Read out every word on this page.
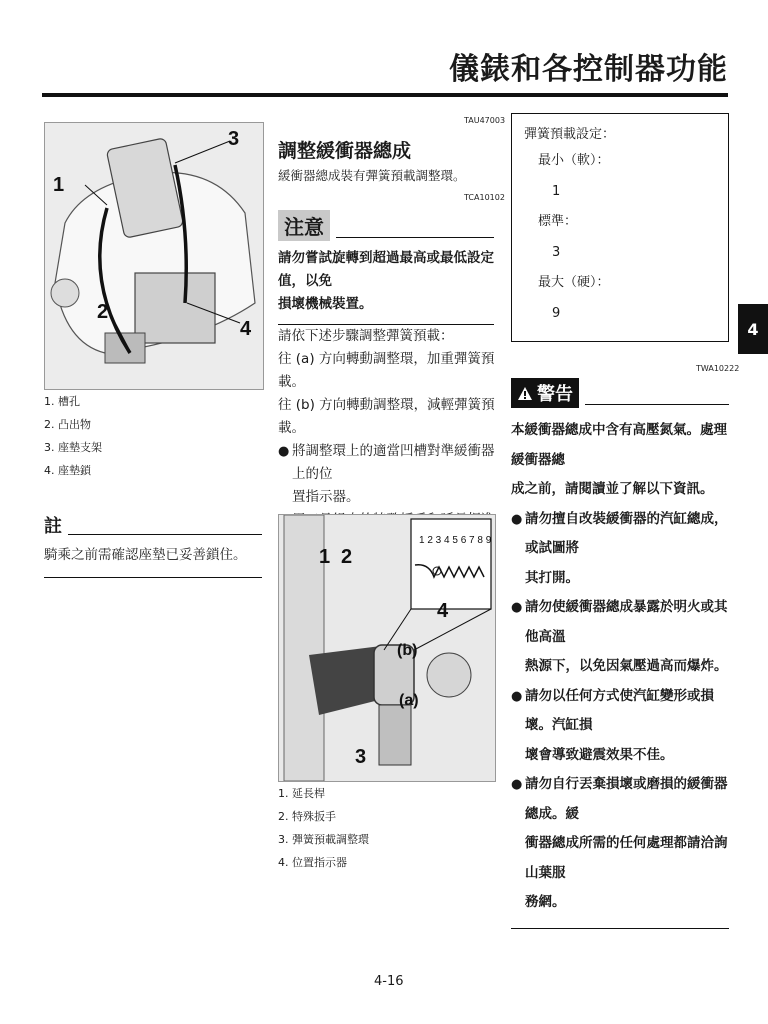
儀錶和各控制器功能
4
1
2
3
4
1. 槽孔
2. 凸出物
3. 座墊支架
4. 座墊鎖
註
騎乘之前需確認座墊已妥善鎖住。
TAU47003
調整緩衝器總成
緩衝器總成裝有彈簧預載調整環。
TCA10102
注意
請勿嘗試旋轉到超過最高或最低設定值，以免
損壞機械裝置。
請依下述步驟調整彈簧預載：
往 (a) 方向轉動調整環，加重彈簧預載。
往 (b) 方向轉動調整環，減輕彈簧預載。
● 將調整環上的適當凹槽對準緩衝器上的位
置指示器。
1 2 3 4 5 6 7 8 9
1 2
3
4
(a)
(b)
1. 延長桿
2. 特殊扳手
3. 彈簧預載調整環
4. 位置指示器
彈簧預載設定：
最小（軟）：
1
標準：
3
最大（硬）：
9
TWA10222
警告
本緩衝器總成中含有高壓氮氣。處理緩衝器總
成之前，請閱讀並了解以下資訊。
● 請勿擅自改裝緩衝器的汽缸總成，或試圖將
其打開。
● 請勿使緩衝器總成暴露於明火或其他高溫
熱源下，以免因氣壓過高而爆炸。
● 請勿以任何方式使汽缸變形或損壞。汽缸損
壞會導致避震效果不佳。
● 請勿自行丟棄損壞或磨損的緩衝器總成。緩
衝器總成所需的任何處理都請洽詢山葉服
務網。
4-16
